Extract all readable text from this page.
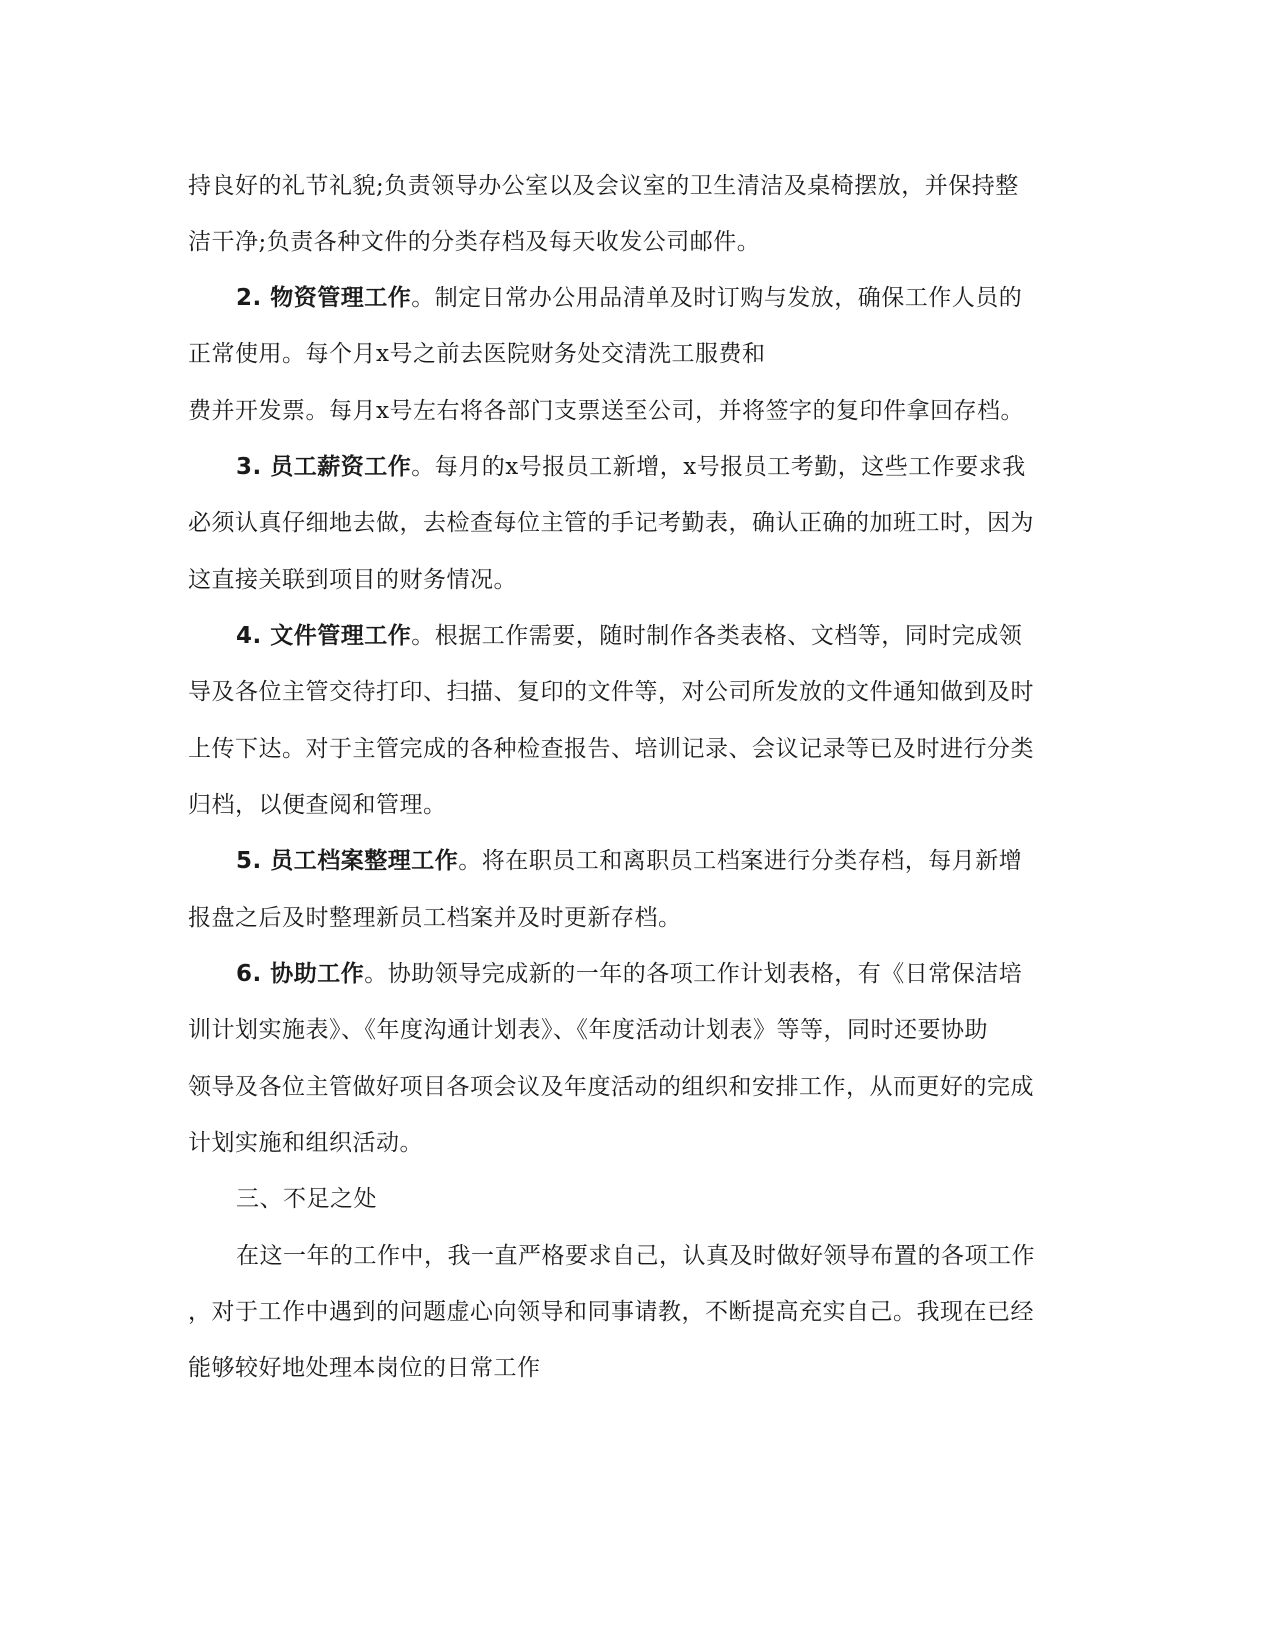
持良好的礼节礼貌;负责领导办公室以及会议室的卫生清洁及桌椅摆放，并保持整
洁干净;负责各种文件的分类存档及每天收发公司邮件。
2. 物资管理工作。制定日常办公用品清单及时订购与发放，确保工作人员的
正常使用。每个月x号之前去医院财务处交清洗工服费和
费并开发票。每月x号左右将各部门支票送至公司，并将签字的复印件拿回存档。
3. 员工薪资工作。每月的x号报员工新增，x号报员工考勤，这些工作要求我
必须认真仔细地去做，去检查每位主管的手记考勤表，确认正确的加班工时，因为
这直接关联到项目的财务情况。
4. 文件管理工作。根据工作需要，随时制作各类表格、文档等，同时完成领
导及各位主管交待打印、扫描、复印的文件等，对公司所发放的文件通知做到及时
上传下达。对于主管完成的各种检查报告、培训记录、会议记录等已及时进行分类
归档，以便查阅和管理。
5. 员工档案整理工作。将在职员工和离职员工档案进行分类存档，每月新增
报盘之后及时整理新员工档案并及时更新存档。
6. 协助工作。协助领导完成新的一年的各项工作计划表格，有《日常保洁培
训计划实施表》、《年度沟通计划表》、《年度活动计划表》等等，同时还要协助
领导及各位主管做好项目各项会议及年度活动的组织和安排工作，从而更好的完成
计划实施和组织活动。
三、不足之处
在这一年的工作中，我一直严格要求自己，认真及时做好领导布置的各项工作
，对于工作中遇到的问题虚心向领导和同事请教，不断提高充实自己。我现在已经
能够较好地处理本岗位的日常工作
